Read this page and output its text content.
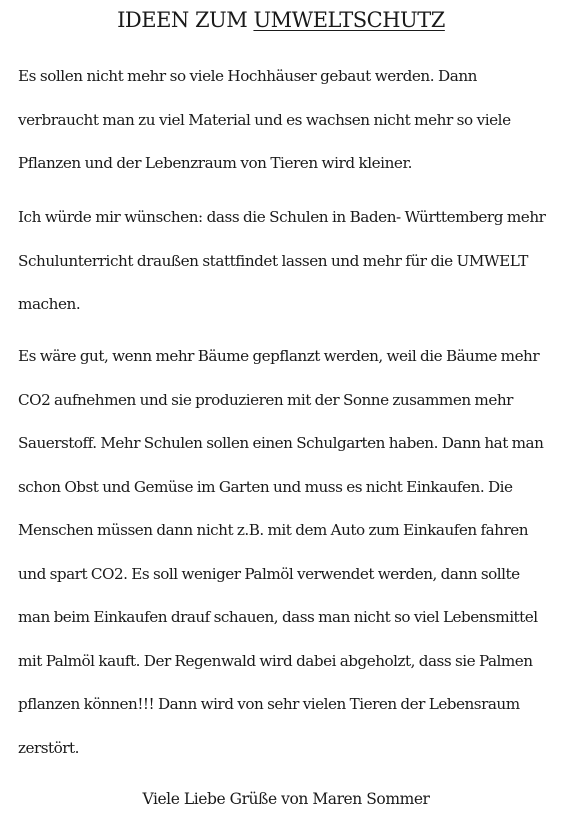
IDEEN ZUM UMWELTSCHUTZ

Es sollen nicht mehr so viele Hochhäuser gebaut werden. Dann verbraucht man zu viel Material und es wachsen nicht mehr so viele Pflanzen und der Lebenzraum von Tieren wird kleiner.

Ich würde mir wünschen: dass die Schulen in Baden- Württemberg mehr Schulunterricht draußen stattfindet lassen und mehr für die UMWELT machen.

Es wäre gut, wenn mehr Bäume gepflanzt werden, weil die Bäume mehr CO2 aufnehmen und sie produzieren mit der Sonne zusammen mehr Sauerstoff. Mehr Schulen sollen einen Schulgarten haben. Dann hat man schon Obst und Gemüse im Garten und muss es nicht Einkaufen. Die Menschen müssen dann nicht z.B. mit dem Auto zum Einkaufen fahren und spart CO2. Es soll weniger Palmöl verwendet werden, dann sollte man beim Einkaufen drauf schauen, dass man nicht so viel Lebensmittel mit Palmöl kauft. Der Regenwald wird dabei abgeholzt, dass sie Palmen pflanzen können!!! Dann wird von sehr vielen Tieren der Lebensraum zerstört.

Viele Liebe Grüße von Maren Sommer
